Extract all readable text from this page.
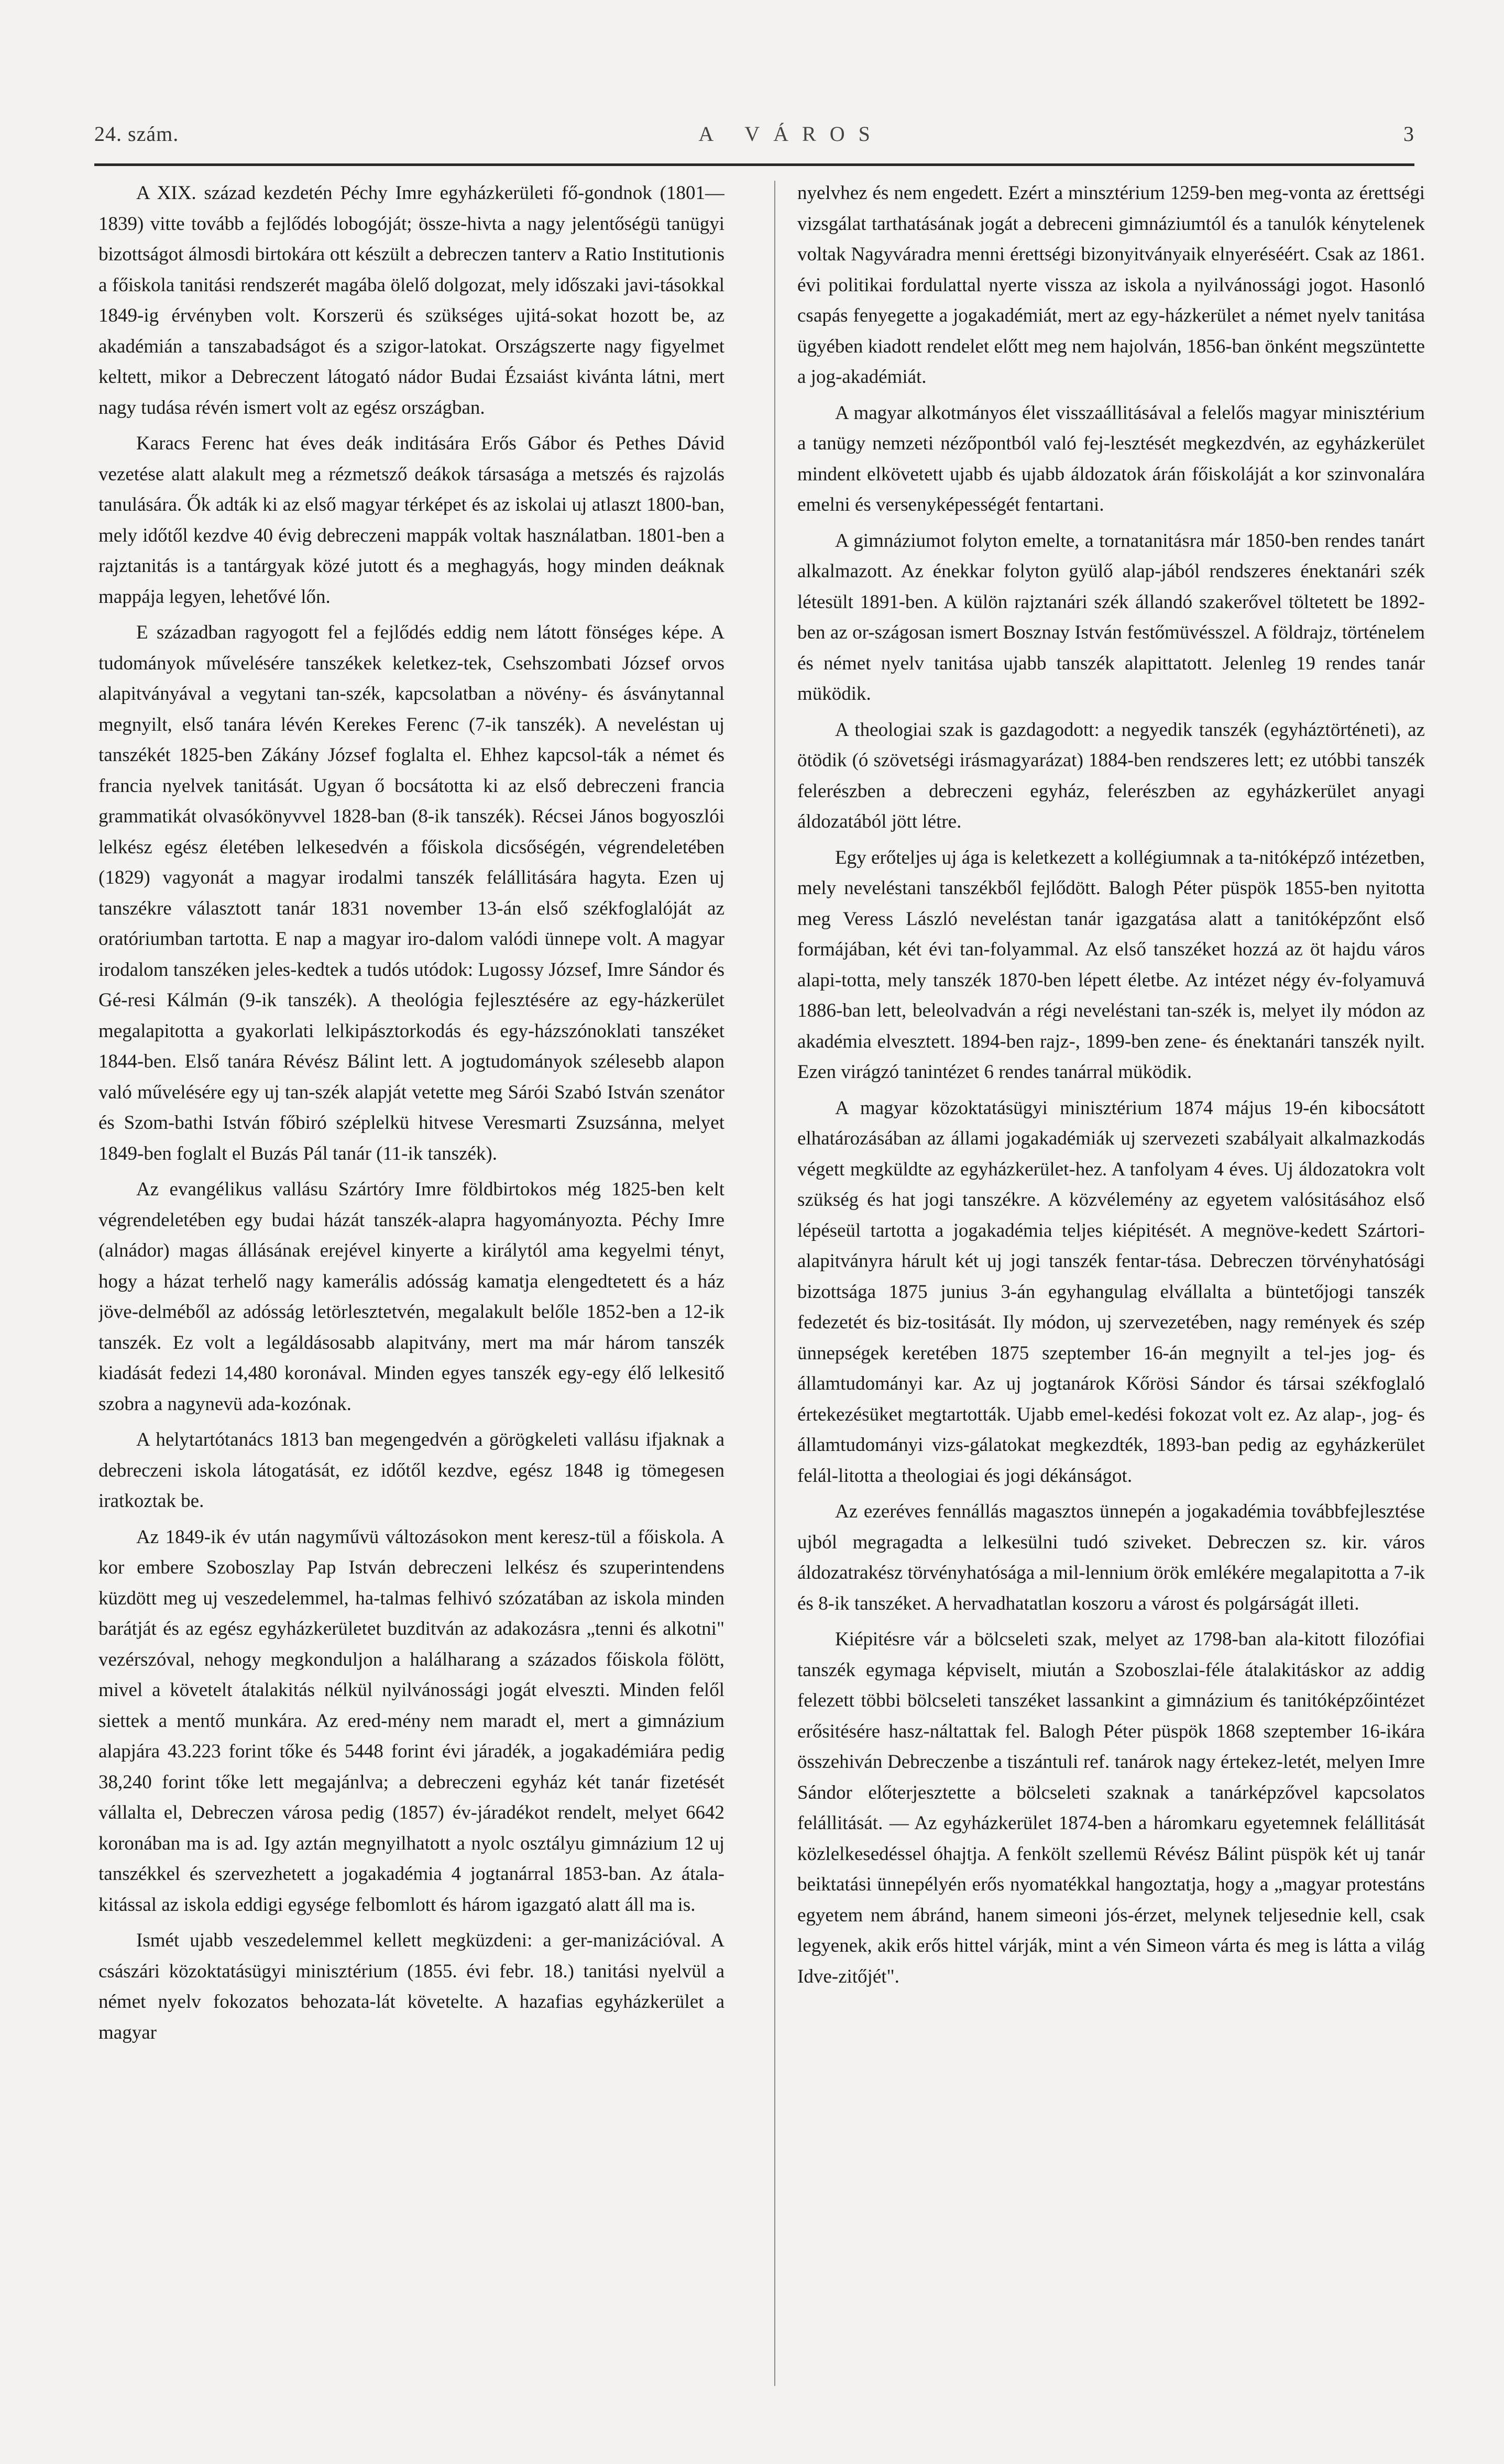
24. szám.	A VÁROS	3

A XIX. század kezdetén Péchy Imre egyházkerületi fő-gondnok (1801—1839) vitte tovább a fejlődés lobogóját; össze-hivta a nagy jelentőségü tanügyi bizottságot álmosdi birtokára ott készült a debreczen tanterv a Ratio Institutionis a főiskola tanitási rendszerét magába ölelő dolgozat, mely időszaki javi-tásokkal 1849-ig érvényben volt. Korszerü és szükséges ujitá-sokat hozott be, az akadémián a tanszabadságot és a szigor-latokat. Országszerte nagy figyelmet keltett, mikor a Debreczent látogató nádor Budai Ézsaiást kivánta látni, mert nagy tudása révén ismert volt az egész országban.

Karacs Ferenc hat éves deák inditására Erős Gábor és Pethes Dávid vezetése alatt alakult meg a rézmetsző deákok társasága a metszés és rajzolás tanulására. Ők adták ki az első magyar térképet és az iskolai uj atlaszt 1800-ban, mely időtől kezdve 40 évig debreczeni mappák voltak használatban. 1801-ben a rajztanitás is a tantárgyak közé jutott és a meghagyás, hogy minden deáknak mappája legyen, lehetővé lőn.

E században ragyogott fel a fejlődés eddig nem látott fönséges képe. A tudományok művelésére tanszékek keletkez-tek, Csehszombati József orvos alapitványával a vegytani tan-szék, kapcsolatban a növény- és ásványtannal megnyilt, első tanára lévén Kerekes Ferenc (7-ik tanszék). A neveléstan uj tanszékét 1825-ben Zákány József foglalta el. Ehhez kapcsol-ták a német és francia nyelvek tanitását. Ugyan ő bocsátotta ki az első debreczeni francia grammatikát olvasókönyvvel 1828-ban (8-ik tanszék). Récsei János bogyoszlói lelkész egész életében lelkesedvén a főiskola dicsőségén, végrendeletében (1829) vagyonát a magyar irodalmi tanszék felállitására hagyta. Ezen uj tanszékre választott tanár 1831 november 13-án első székfoglalóját az oratóriumban tartotta. E nap a magyar iro-dalom valódi ünnepe volt. A magyar irodalom tanszéken jeles-kedtek a tudós utódok: Lugossy József, Imre Sándor és Gé-resi Kálmán (9-ik tanszék). A theológia fejlesztésére az egy-házkerület megalapitotta a gyakorlati lelkipásztorkodás és egy-házszónoklati tanszéket 1844-ben. Első tanára Révész Bálint lett. A jogtudományok szélesebb alapon való művelésére egy uj tan-szék alapját vetette meg Sárói Szabó István szenátor és Szom-bathi István főbiró széplelkü hitvese Veresmarti Zsuzsánna, melyet 1849-ben foglalt el Buzás Pál tanár (11-ik tanszék).

Az evangélikus vallásu Szártóry Imre földbirtokos még 1825-ben kelt végrendeletében egy budai házát tanszék-alapra hagyományozta. Péchy Imre (alnádor) magas állásának erejével kinyerte a királytól ama kegyelmi tényt, hogy a házat terhelő nagy kamerális adósság kamatja elengedtetett és a ház jöve-delméből az adósság letörlesztetvén, megalakult belőle 1852-ben a 12-ik tanszék. Ez volt a legáldásosabb alapitvány, mert ma már három tanszék kiadását fedezi 14,480 koronával. Minden egyes tanszék egy-egy élő lelkesitő szobra a nagynevü ada-kozónak.

A helytartótanács 1813 ban megengedvén a görögkeleti vallásu ifjaknak a debreczeni iskola látogatását, ez időtől kezdve, egész 1848 ig tömegesen iratkoztak be.

Az 1849-ik év után nagyművü változásokon ment keresz-tül a főiskola. A kor embere Szoboszlay Pap István debreczeni lelkész és szuperintendens küzdött meg uj veszedelemmel, ha-talmas felhivó szózatában az iskola minden barátját és az egész egyházkerületet buzditván az adakozásra „tenni és alkotni" vezérszóval, nehogy megkonduljon a halálharang a százados főiskola fölött, mivel a követelt átalakitás nélkül nyilvánossági jogát elveszti. Minden felől siettek a mentő munkára. Az ered-mény nem maradt el, mert a gimnázium alapjára 43.223 forint tőke és 5448 forint évi járadék, a jogakadémiára pedig 38,240 forint tőke lett megajánlva; a debreczeni egyház két tanár fizetését vállalta el, Debreczen városa pedig (1857) év-járadékot rendelt, melyet 6642 koronában ma is ad. Igy aztán megnyilhatott a nyolc osztályu gimnázium 12 uj tanszékkel és szervezhetett a jogakadémia 4 jogtanárral 1853-ban. Az átala-kitással az iskola eddigi egysége felbomlott és három igazgató alatt áll ma is.

Ismét ujabb veszedelemmel kellett megküzdeni: a ger-manizációval. A császári közoktatásügyi minisztérium (1855. évi febr. 18.) tanitási nyelvül a német nyelv fokozatos behozata-lát követelte. A hazafias egyházkerület a magyar

nyelvhez és nem engedett. Ezért a minsztérium 1259-ben meg-vonta az érettségi vizsgálat tarthatásának jogát a debreceni gimnáziumtól és a tanulók kénytelenek voltak Nagyváradra menni érettségi bizonyitványaik elnyeréséért. Csak az 1861. évi politikai fordulattal nyerte vissza az iskola a nyilvánossági jogot. Hasonló csapás fenyegette a jogakadémiát, mert az egy-házkerület a német nyelv tanitása ügyében kiadott rendelet előtt meg nem hajolván, 1856-ban önként megszüntette a jog-akadémiát.

A magyar alkotmányos élet visszaállitásával a felelős magyar minisztérium a tanügy nemzeti nézőpontból való fej-lesztését megkezdvén, az egyházkerület mindent elkövetett ujabb és ujabb áldozatok árán főiskoláját a kor szinvonalára emelni és versenyképességét fentartani.

A gimnáziumot folyton emelte, a tornatanitásra már 1850-ben rendes tanárt alkalmazott. Az énekkar folyton gyülő alap-jából rendszeres énektanári szék létesült 1891-ben. A külön rajztanári szék állandó szakerővel töltetett be 1892-ben az or-szágosan ismert Bosznay István festőmüvésszel. A földrajz, történelem és német nyelv tanitása ujabb tanszék alapittatott. Jelenleg 19 rendes tanár müködik.

A theologiai szak is gazdagodott: a negyedik tanszék (egyháztörténeti), az ötödik (ó szövetségi irásmagyarázat) 1884-ben rendszeres lett; ez utóbbi tanszék felerészben a debreczeni egyház, felerészben az egyházkerület anyagi áldozatából jött létre.

Egy erőteljes uj ága is keletkezett a kollégiumnak a ta-nitóképző intézetben, mely neveléstani tanszékből fejlődött. Balogh Péter püspök 1855-ben nyitotta meg Veress László neveléstan tanár igazgatása alatt a tanitóképzőnt első formájában, két évi tan-folyammal. Az első tanszéket hozzá az öt hajdu város alapi-totta, mely tanszék 1870-ben lépett életbe. Az intézet négy év-folyamuvá 1886-ban lett, beleolvadván a régi neveléstani tan-szék is, melyet ily módon az akadémia elvesztett. 1894-ben rajz-, 1899-ben zene- és énektanári tanszék nyilt. Ezen virágzó tanintézet 6 rendes tanárral müködik.

A magyar közoktatásügyi minisztérium 1874 május 19-én kibocsátott elhatározásában az állami jogakadémiák uj szervezeti szabályait alkalmazkodás végett megküldte az egyházkerület-hez. A tanfolyam 4 éves. Uj áldozatokra volt szükség és hat jogi tanszékre. A közvélemény az egyetem valósitásához első lépéseül tartotta a jogakadémia teljes kiépitését. A megnöve-kedett Szártori-alapitványra hárult két uj jogi tanszék fentar-tása. Debreczen törvényhatósági bizottsága 1875 junius 3-án egyhangulag elvállalta a büntetőjogi tanszék fedezetét és biz-tositását. Ily módon, uj szervezetében, nagy remények és szép ünnepségek keretében 1875 szeptember 16-án megnyilt a tel-jes jog- és államtudományi kar. Az uj jogtanárok Kőrösi Sándor és társai székfoglaló értekezésüket megtartották. Ujabb emel-kedési fokozat volt ez. Az alap-, jog- és államtudományi vizs-gálatokat megkezdték, 1893-ban pedig az egyházkerület felál-litotta a theologiai és jogi dékánságot.

Az ezeréves fennállás magasztos ünnepén a jogakadémia továbbfejlesztése ujból megragadta a lelkesülni tudó sziveket. Debreczen sz. kir. város áldozatrakész törvényhatósága a mil-lennium örök emlékére megalapitotta a 7-ik és 8-ik tanszéket. A hervadhatatlan koszoru a várost és polgárságát illeti.

Kiépitésre vár a bölcseleti szak, melyet az 1798-ban ala-kitott filozófiai tanszék egymaga képviselt, miután a Szoboszlai-féle átalakitáskor az addig felezett többi bölcseleti tanszéket lassankint a gimnázium és tanitóképzőintézet erősitésére hasz-náltattak fel. Balogh Péter püspök 1868 szeptember 16-ikára összehiván Debreczenbe a tiszántuli ref. tanárok nagy értekez-letét, melyen Imre Sándor előterjesztette a bölcseleti szaknak a tanárképzővel kapcsolatos felállitását. — Az egyházkerület 1874-ben a háromkaru egyetemnek felállitását közlelkesedéssel óhajtja. A fenkölt szellemü Révész Bálint püspök két uj tanár beiktatási ünnepélyén erős nyomatékkal hangoztatja, hogy a „magyar protestáns egyetem nem ábránd, hanem simeoni jós-érzet, melynek teljesednie kell, csak legyenek, akik erős hittel várják, mint a vén Simeon várta és meg is látta a világ Idve-zitőjét".
